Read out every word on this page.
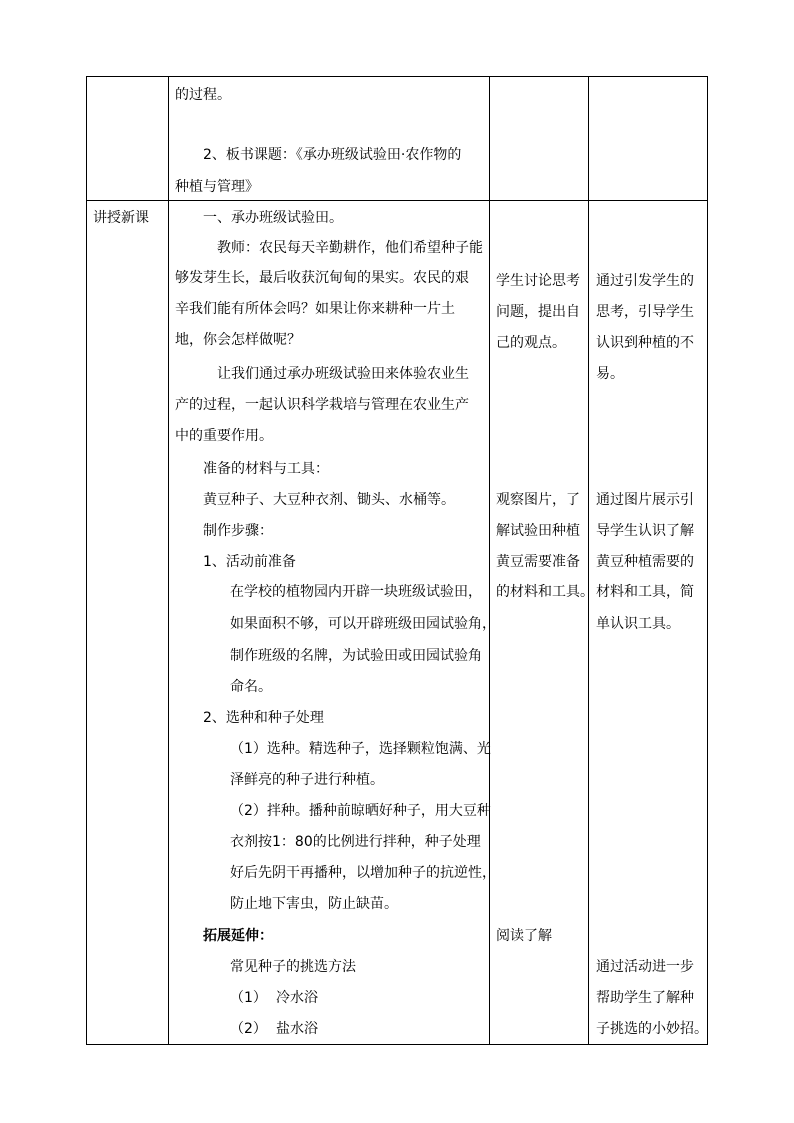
的过程。
2、板书课题：《承办班级试验田·农作物的
种植与管理》
讲授新课	一、承办班级试验田。
教师：农民每天辛勤耕作，他们希望种子能
够发芽生长，最后收获沉甸甸的果实。农民的艰
辛我们能有所体会吗？如果让你来耕种一片土
地，你会怎样做呢？
让我们通过承办班级试验田来体验农业生
产的过程，一起认识科学栽培与管理在农业生产
中的重要作用。
准备的材料与工具：
黄豆种子、大豆种衣剂、锄头、水桶等。
制作步骤：
1、活动前准备
在学校的植物园内开辟一块班级试验田，
如果面积不够，可以开辟班级田园试验角，
制作班级的名牌，为试验田或田园试验角
命名。
2、选种和种子处理
（1）选种。精选种子，选择颗粒饱满、光
泽鲜亮的种子进行种植。
（2）拌种。播种前晾晒好种子，用大豆种
衣剂按1：80的比例进行拌种，种子处理
好后先阴干再播种，以增加种子的抗逆性，
防止地下害虫，防止缺苗。
拓展延伸：
常见种子的挑选方法
（1） 冷水浴
（2） 盐水浴
学生讨论思考
问题，提出自
己的观点。
观察图片，了
解试验田种植
黄豆需要准备
的材料和工具。
阅读了解
通过引发学生的
思考，引导学生
认识到种植的不
易。
通过图片展示引
导学生认识了解
黄豆种植需要的
材料和工具，简
单认识工具。
通过活动进一步
帮助学生了解种
子挑选的小妙招。
